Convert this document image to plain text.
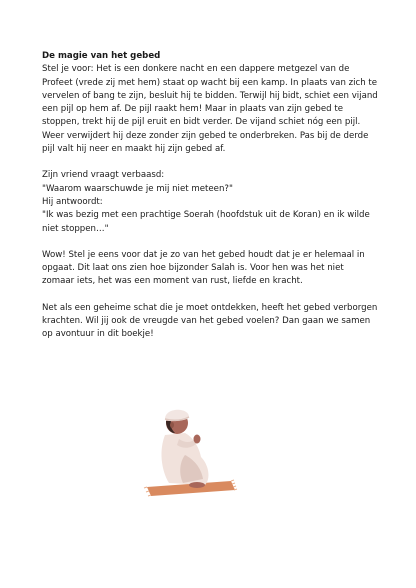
De magie van het gebed

Stel je voor: Het is een donkere nacht en een dappere metgezel van de Profeet (vrede zij met hem) staat op wacht bij een kamp. In plaats van zich te vervelen of bang te zijn, besluit hij te bidden. Terwijl hij bidt, schiet een vijand een pijl op hem af. De pijl raakt hem! Maar in plaats van zijn gebed te stoppen, trekt hij de pijl eruit en bidt verder. De vijand schiet nóg een pijl. Weer verwijdert hij deze zonder zijn gebed te onderbreken. Pas bij de derde pijl valt hij neer en maakt hij zijn gebed af.

Zijn vriend vraagt verbaasd:

"Waarom waarschuwde je mij niet meteen?"

Hij antwoordt:

"Ik was bezig met een prachtige Soerah (hoofdstuk uit de Koran) en ik wilde niet stoppen…"

Wow! Stel je eens voor dat je zo van het gebed houdt dat je er helemaal in opgaat. Dit laat ons zien hoe bijzonder Salah is. Voor hen was het niet zomaar iets, het was een moment van rust, liefde en kracht.

Net als een geheime schat die je moet ontdekken, heeft het gebed verborgen krachten. Wil jij ook de vreugde van het gebed voelen? Dan gaan we samen op avontuur in dit boekje!
